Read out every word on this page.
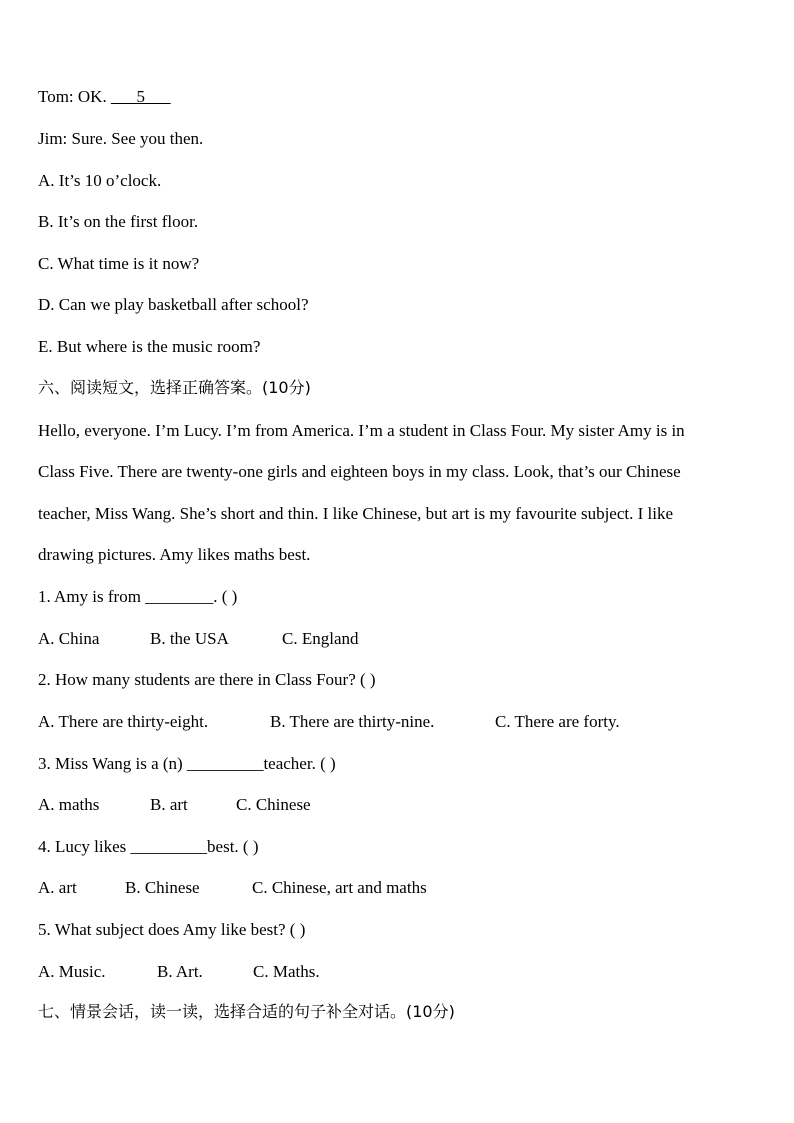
Tom: OK. ___5___
Jim: Sure. See you then.
A. It’s 10 o’clock.
B. It’s on the first floor.
C. What time is it now?
D. Can we play basketball after school?
E. But where is the music room?
六、阅读短文，选择正确答案。(10分)
Hello, everyone. I’m Lucy. I’m from America. I’m a student in Class Four. My sister Amy is in
Class Five. There are twenty-one girls and eighteen boys in my class. Look, that’s our Chinese
teacher, Miss Wang. She’s short and thin. I like Chinese, but art is my favourite subject. I like
drawing pictures. Amy likes maths best.
1. Amy is from ________. ( )
A. China	B. the USA	C. England
2. How many students are there in Class Four? ( )
A. There are thirty-eight.	B. There are thirty-nine.	C. There are forty.
3. Miss Wang is a (n) _________teacher. ( )
A. maths	B. art	C. Chinese
4. Lucy likes _________best. ( )
A. art	B. Chinese	C. Chinese, art and maths
5. What subject does Amy like best? ( )
A. Music.	B. Art.	C. Maths.
七、情景会话，读一读，选择合适的句子补全对话。(10分)
